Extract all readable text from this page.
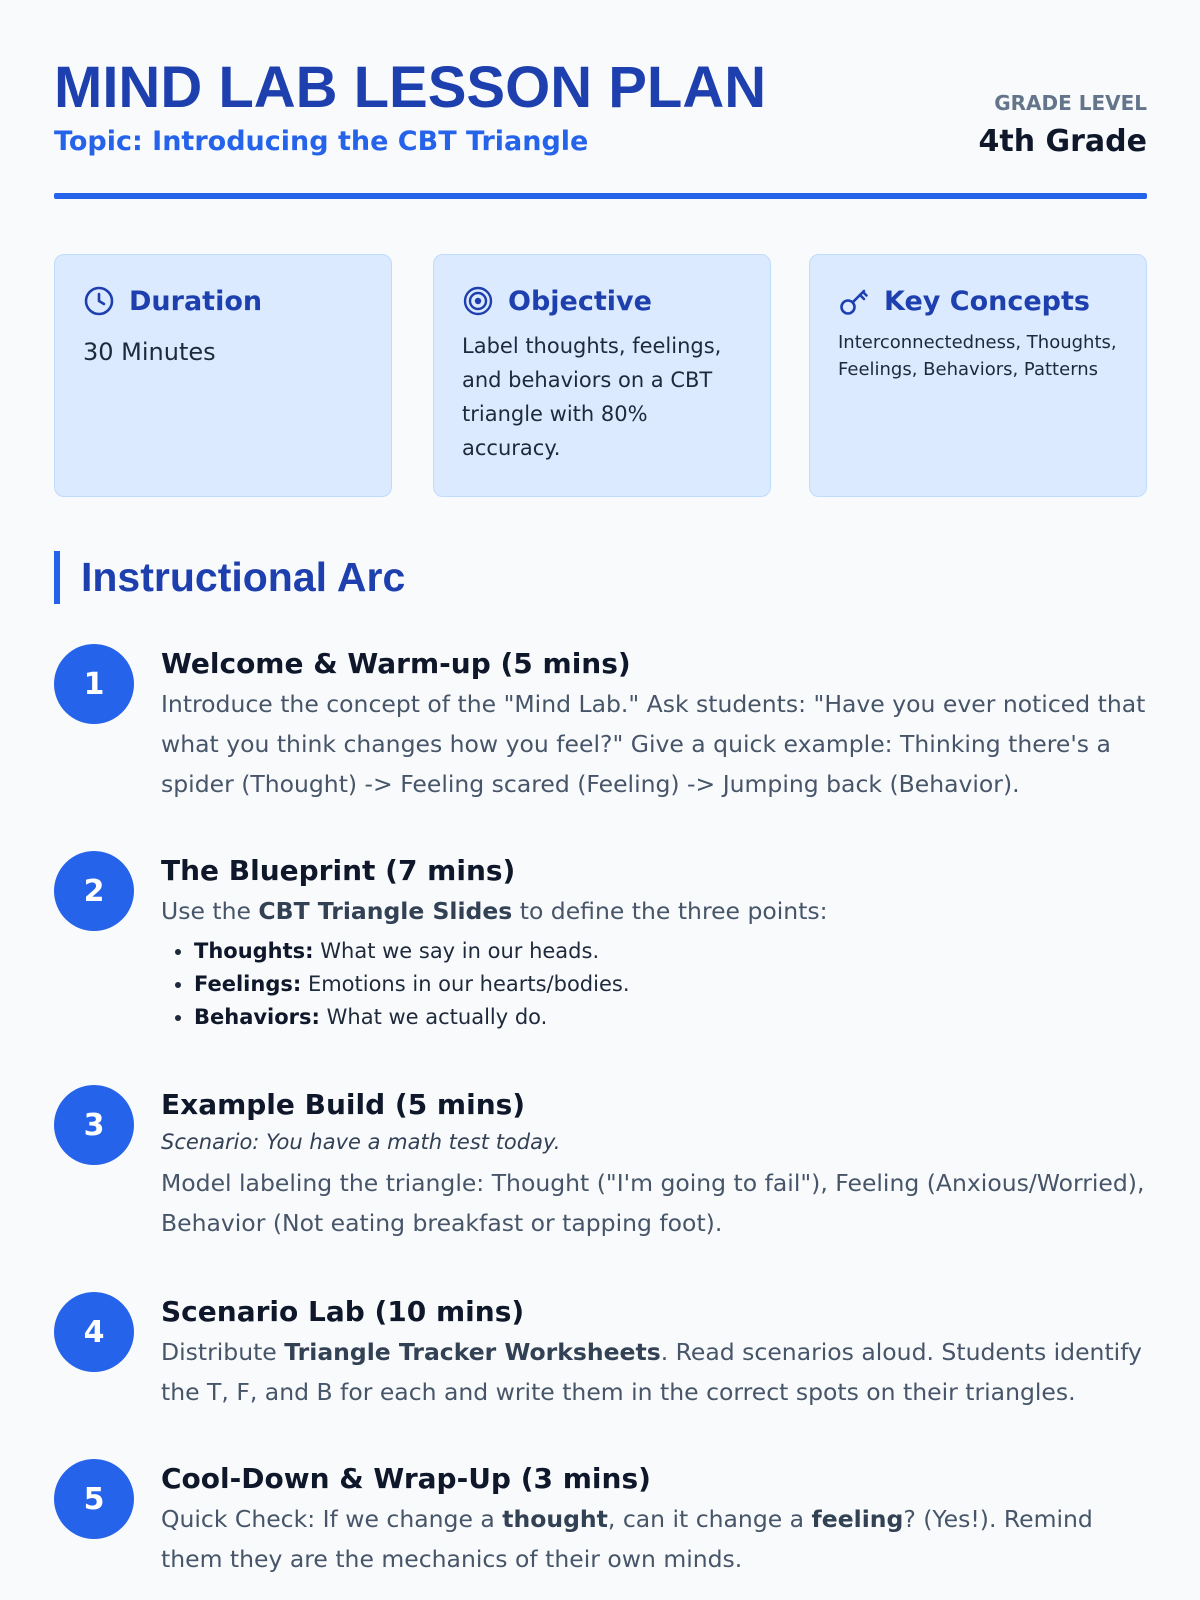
MIND LAB LESSON PLAN
Topic: Introducing the CBT Triangle
GRADE LEVEL
4th Grade
Duration
30 Minutes
Objective
Label thoughts, feelings, and behaviors on a CBT triangle with 80% accuracy.
Key Concepts
Interconnectedness, Thoughts, Feelings, Behaviors, Patterns
Instructional Arc
1
Welcome & Warm-up (5 mins)
Introduce the concept of the "Mind Lab." Ask students: "Have you ever noticed that what you think changes how you feel?" Give a quick example: Thinking there's a spider (Thought) -> Feeling scared (Feeling) -> Jumping back (Behavior).
2
The Blueprint (7 mins)
Use the CBT Triangle Slides to define the three points:
• Thoughts: What we say in our heads.
• Feelings: Emotions in our hearts/bodies.
• Behaviors: What we actually do.
3
Example Build (5 mins)
Scenario: You have a math test today.
Model labeling the triangle: Thought ("I'm going to fail"), Feeling (Anxious/Worried), Behavior (Not eating breakfast or tapping foot).
4
Scenario Lab (10 mins)
Distribute Triangle Tracker Worksheets. Read scenarios aloud. Students identify the T, F, and B for each and write them in the correct spots on their triangles.
5
Cool-Down & Wrap-Up (3 mins)
Quick Check: If we change a thought, can it change a feeling? (Yes!). Remind them they are the mechanics of their own minds.
